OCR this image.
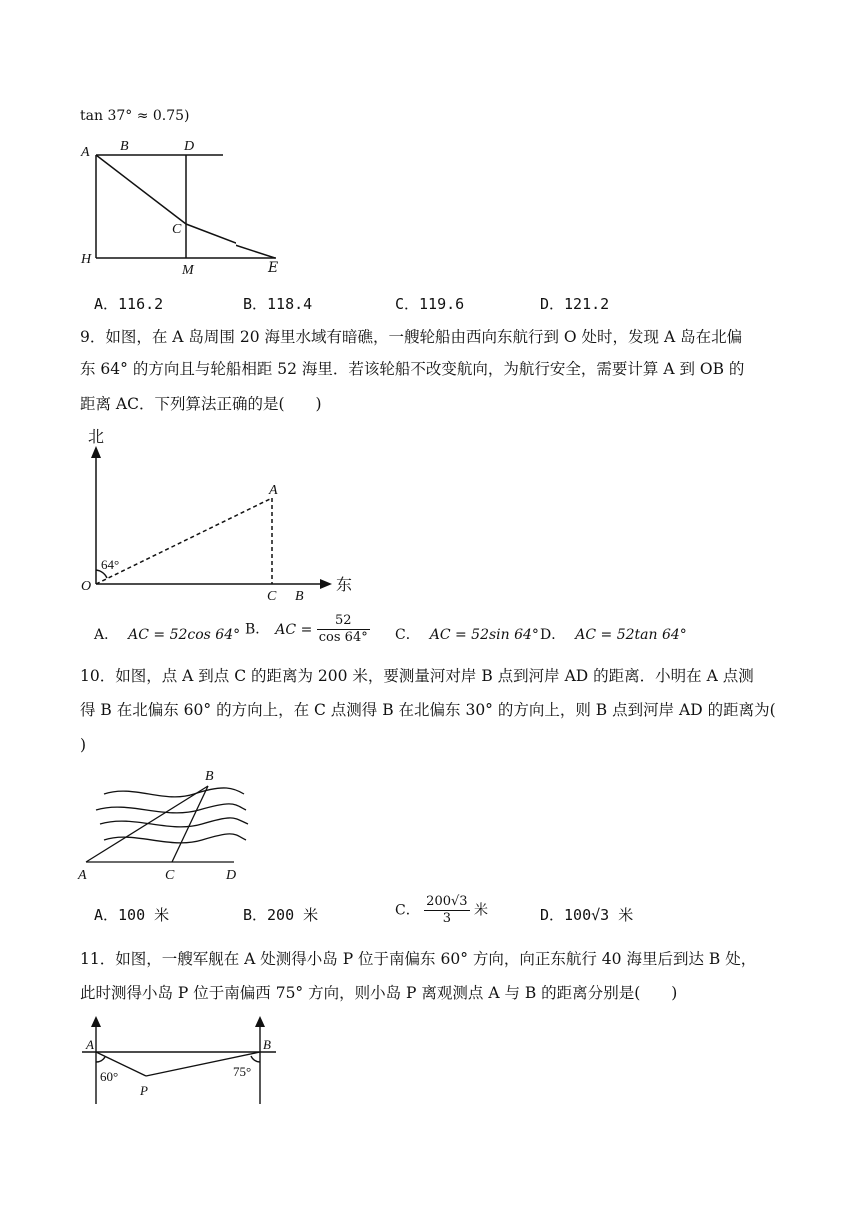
tan 37° ≈ 0.75)
A B	D
C
H
M	E
A．116.2	B．118.4	C．119.6	D．121.2
9．如图，在 A 岛周围 20 海里水域有暗礁，一艘轮船由西向东航行到 O 处时，发现 A 岛在北偏
东 64° 的方向且与轮船相距 52 海里．若该轮船不改变航向，为航行安全，需要计算 A 到 OB 的
距离 AC．下列算法正确的是(　　)
北
东
A
O
C B
64°
A． AC = 52cos 64° B． AC = $\frac{52}{\cos 64^\circ}$ C． AC = 52sin 64° D． AC = 52tan 64°
10．如图，点 A 到点 C 的距离为 200 米，要测量河对岸 B 点到河岸 AD 的距离．小明在 A 点测
得 B 在北偏东 60° 的方向上，在 C 点测得 B 在北偏东 30° 的方向上，则 B 点到河岸 AD 的距离为(
)
B
A	C	D
A．100 米	B．200 米	C． $\frac{200√3}{3}$ 米	D．100√3 米
11．如图，一艘军舰在 A 处测得小岛 P 位于南偏东 60° 方向，向正东航行 40 海里后到达 B 处，
此时测得小岛 P 位于南偏西 75° 方向，则小岛 P 离观测点 A 与 B 的距离分别是(　　)
A	B
P
60°	75°
